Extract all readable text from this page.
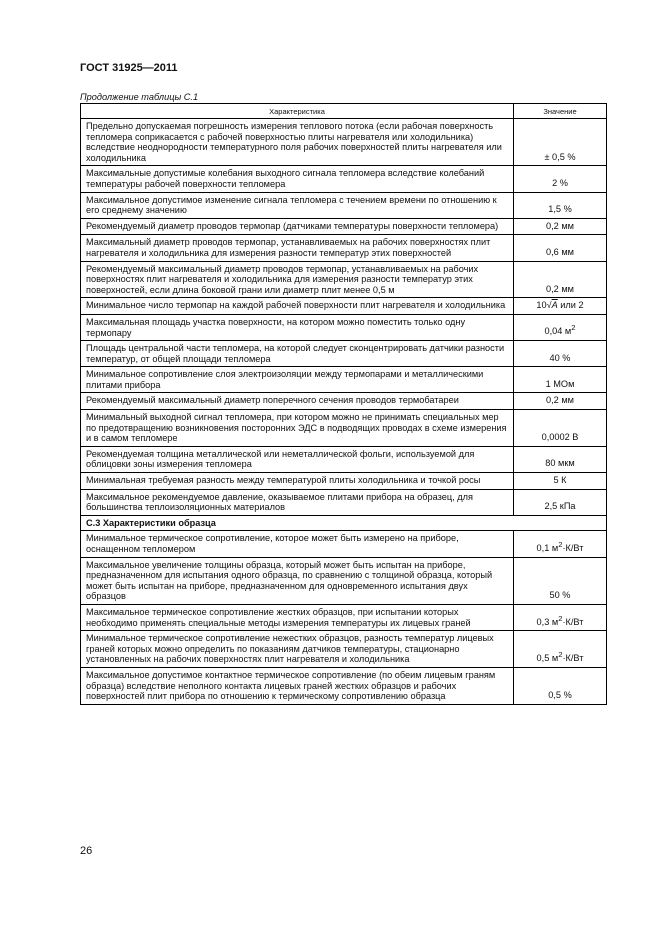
ГОСТ 31925—2011
Продолжение таблицы С.1
Характеристика	Значение
Предельно допускаемая погрешность измерения теплового потока (если рабочая поверхность тепломера соприкасается с рабочей поверхностью плиты нагревателя или холодильника) вследствие неоднородности температурного поля рабочих поверхностей плиты нагревателя или холодильника	± 0,5 %
Максимальные допустимые колебания выходного сигнала тепломера вследствие колебаний температуры рабочей поверхности тепломера	2 %
Максимальное допустимое изменение сигнала тепломера с течением времени по отношению к его среднему значению	1,5 %
Рекомендуемый диаметр проводов термопар (датчиками температуры поверхности тепломера)	0,2 мм
Максимальный диаметр проводов термопар, устанавливаемых на рабочих поверхностях плит нагревателя и холодильника для измерения разности температур этих поверхностей	0,6 мм
Рекомендуемый максимальный диаметр проводов термопар, устанавливаемых на рабочих поверхностях плит нагревателя и холодильника для измерения разности температур этих поверхностей, если длина боковой грани или диаметр плит менее 0,5 м	0,2 мм
Минимальное число термопар на каждой рабочей поверхности плит нагревателя и холодильника	10√A или 2
Максимальная площадь участка поверхности, на котором можно поместить только одну термопару	0,04 $м^2$
Площадь центральной части тепломера, на которой следует сконцентрировать датчики разности температур, от общей площади тепломера	40 %
Минимальное сопротивление слоя электроизоляции между термопарами и металлическими плитами прибора	1 МОм
Рекомендуемый максимальный диаметр поперечного сечения проводов термобатареи	0,2 мм
Минимальный выходной сигнал тепломера, при котором можно не принимать специальных мер по предотвращению возникновения посторонних ЭДС в подводящих проводах в схеме измерения и в самом тепломере	0,0002 В
Рекомендуемая толщина металлической или неметаллической фольги, используемой для облицовки зоны измерения тепломера	80 мкм
Минимальная требуемая разность между температурой плиты холодильника и точкой росы	5 К
Максимальное рекомендуемое давление, оказываемое плитами прибора на образец, для большинства теплоизоляционных материалов	2,5 кПа
С.3 Характеристики образца	
Минимальное термическое сопротивление, которое может быть измерено на приборе, оснащенном тепломером	0,1 $м^2\cdot К/Вт$
Максимальное увеличение толщины образца, который может быть испытан на приборе, предназначенном для испытания одного образца, по сравнению с толщиной образца, который может быть испытан на приборе, предназначенном для одновременного испытания двух образцов	50 %
Максимальное термическое сопротивление жестких образцов, при испытании которых необходимо применять специальные методы измерения температуры их лицевых граней	0,3 $м^2\cdot К/Вт$
Минимальное термическое сопротивление нежестких образцов, разность температур лицевых граней которых можно определить по показаниям датчиков температуры, стационарно установленных на рабочих поверхностях плит нагревателя и холодильника	0,5 $м^2\cdot К/Вт$
Максимальное допустимое контактное термическое сопротивление (по обеим лицевым граням образца) вследствие неполного контакта лицевых граней жестких образцов и рабочих поверхностей плит прибора по отношению к термическому сопротивлению образца	0,5 %
26
